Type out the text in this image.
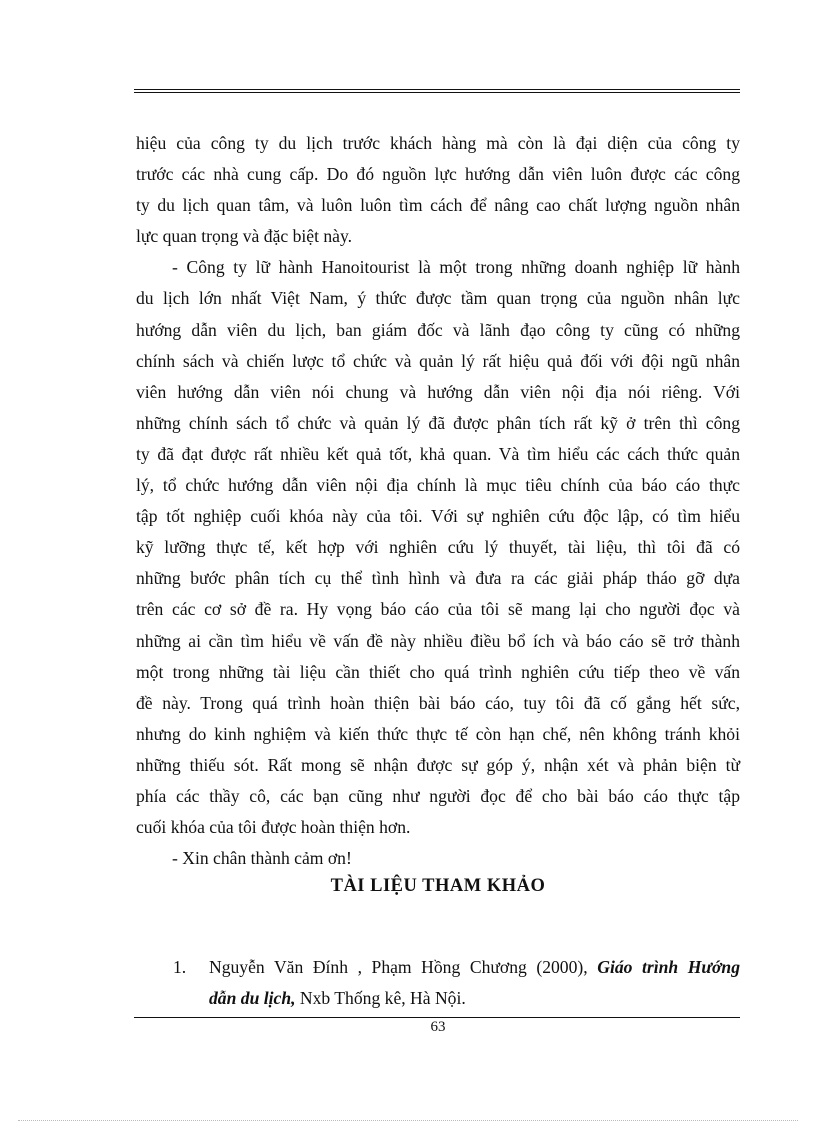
hiệu của công ty du lịch trước khách hàng mà còn là đại diện của công ty
trước các nhà cung cấp. Do đó nguồn lực hướng dẫn viên luôn được các công
ty du lịch quan tâm, và luôn luôn tìm cách để nâng cao chất lượng nguồn nhân
lực quan trọng và đặc biệt này.
- Công ty lữ hành Hanoitourist là một trong những doanh nghiệp lữ hành
du lịch lớn nhất Việt Nam, ý thức được tầm quan trọng của nguồn nhân lực
hướng dẫn viên du lịch, ban giám đốc và lãnh đạo công ty cũng có những
chính sách và chiến lược tổ chức và quản lý rất hiệu quả đối với đội ngũ nhân
viên hướng dẫn viên nói chung và hướng dẫn viên nội địa nói riêng. Với
những chính sách tổ chức và quản lý đã được phân tích rất kỹ ở trên thì công
ty đã đạt được rất nhiều kết quả tốt, khả quan. Và tìm hiểu các cách thức quản
lý, tổ chức hướng dẫn viên nội địa chính là mục tiêu chính của báo cáo thực
tập tốt nghiệp cuối khóa này của tôi. Với sự nghiên cứu độc lập, có tìm hiểu
kỹ lưỡng thực tế, kết hợp với nghiên cứu lý thuyết, tài liệu, thì tôi đã có
những bước phân tích cụ thể tình hình và đưa ra các giải pháp tháo gỡ dựa
trên các cơ sở đề ra. Hy vọng báo cáo của tôi sẽ mang lại cho người đọc và
những ai cần tìm hiểu về vấn đề này nhiều điều bổ ích và báo cáo sẽ trở thành
một trong những tài liệu cần thiết cho quá trình nghiên cứu tiếp theo về vấn
đề này. Trong quá trình hoàn thiện bài báo cáo, tuy tôi đã cố gắng hết sức,
nhưng do kinh nghiệm và kiến thức thực tế còn hạn chế, nên không tránh khỏi
những thiếu sót. Rất mong sẽ nhận được sự góp ý, nhận xét và phản biện từ
phía các thầy cô, các bạn cũng như người đọc để cho bài báo cáo thực tập
cuối khóa của tôi được hoàn thiện hơn.
- Xin chân thành cảm ơn!
TÀI LIỆU THAM KHẢO
1. Nguyễn Văn Đính , Phạm Hồng Chương (2000), Giáo trình Hướng
dẫn du lịch, Nxb Thống kê, Hà Nội.
63
